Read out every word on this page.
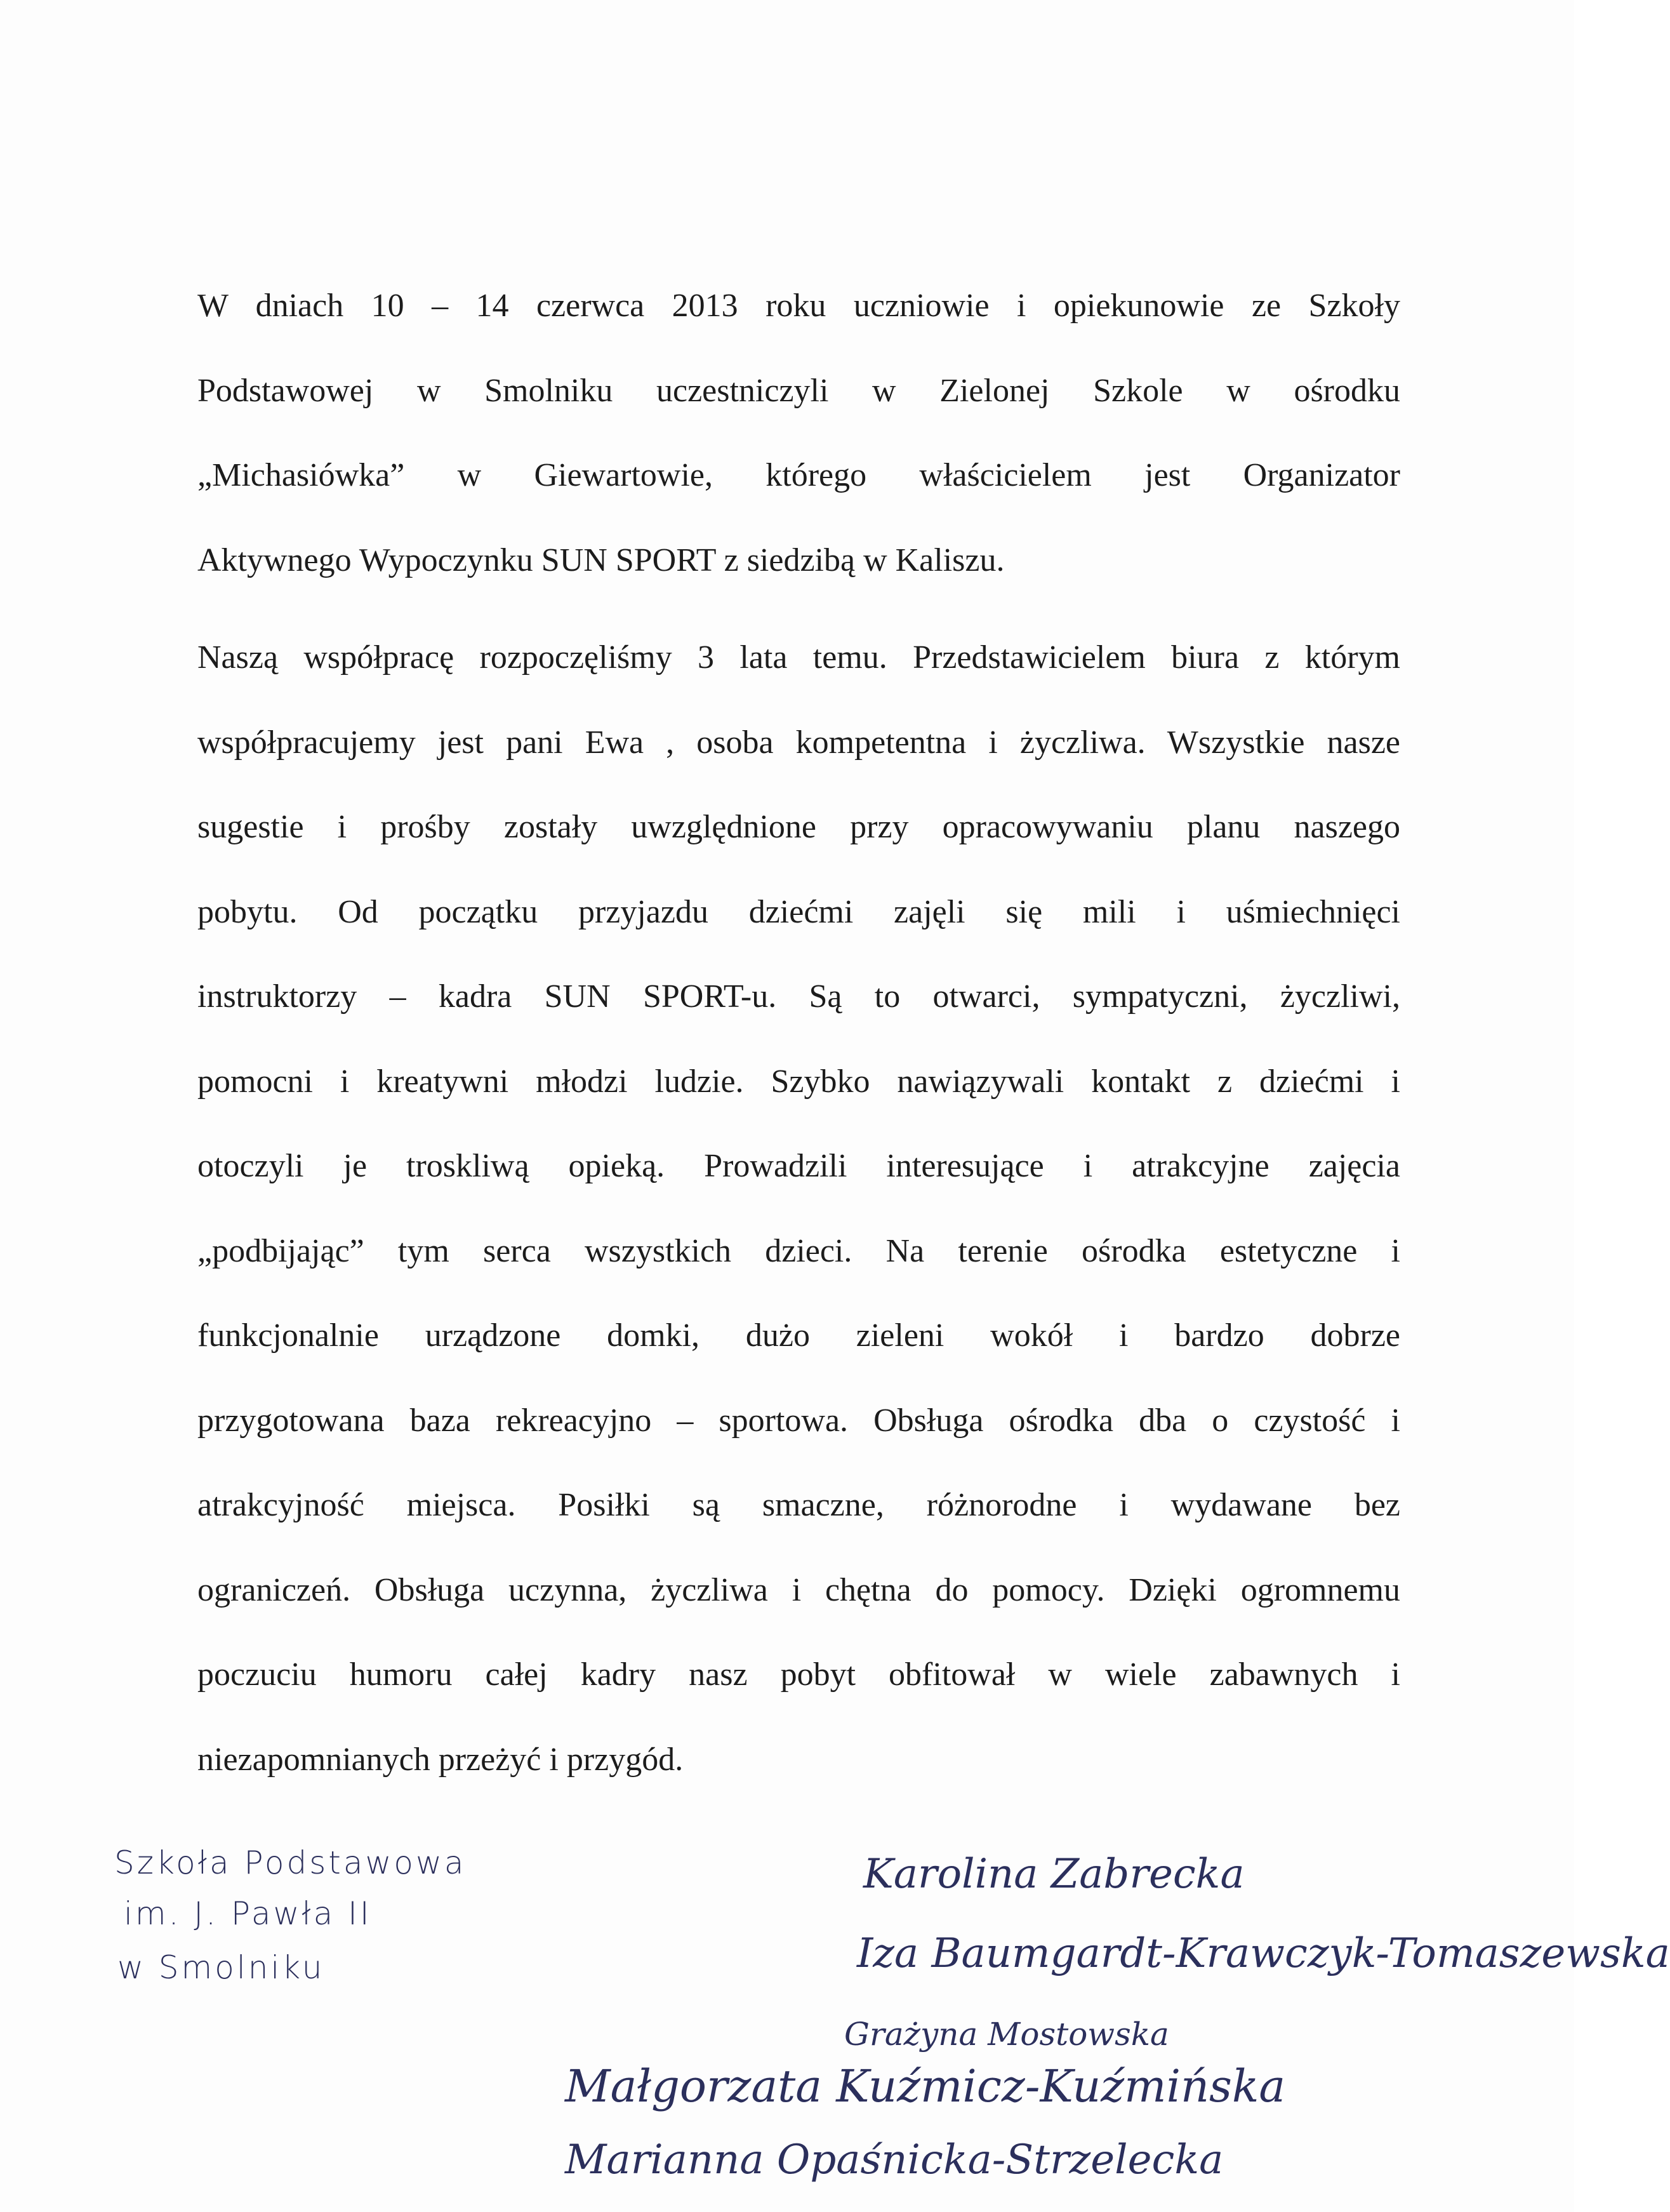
W dniach 10 – 14 czerwca 2013 roku uczniowie i opiekunowie ze Szkoły
Podstawowej w Smolniku uczestniczyli w Zielonej Szkole w ośrodku
„Michasiówka” w Giewartowie, którego właścicielem jest Organizator
Aktywnego Wypoczynku SUN SPORT z siedzibą w Kaliszu.
Naszą współpracę rozpoczęliśmy 3 lata temu. Przedstawicielem biura z którym
współpracujemy jest pani Ewa , osoba kompetentna i życzliwa. Wszystkie nasze
sugestie i prośby zostały uwzględnione przy opracowywaniu planu naszego
pobytu. Od początku przyjazdu dziećmi zajęli się mili i uśmiechnięci
instruktorzy – kadra SUN SPORT-u. Są to otwarci, sympatyczni, życzliwi,
pomocni i kreatywni młodzi ludzie. Szybko nawiązywali kontakt z dziećmi i
otoczyli je troskliwą opieką. Prowadzili interesujące i atrakcyjne zajęcia
„podbijając” tym serca wszystkich dzieci. Na terenie ośrodka estetyczne i
funkcjonalnie urządzone domki, dużo zieleni wokół i bardzo dobrze
przygotowana baza rekreacyjno – sportowa. Obsługa ośrodka dba o czystość i
atrakcyjność miejsca. Posiłki są smaczne, różnorodne i wydawane bez
ograniczeń. Obsługa uczynna, życzliwa i chętna do pomocy. Dzięki ogromnemu
poczuciu humoru całej kadry nasz pobyt obfitował w wiele zabawnych i
niezapomnianych przeżyć i przygód.
Szkoła Podstawowa
im. J. Pawła II
w Smolniku
Karolina Zabrecka
Iza Baumgardt-Krawczyk-Tomaszewska
Grażyna Mostowska
Małgorzata Kuźmicz-Kuźmińska
Marianna Opaśnicka-Strzelecka
